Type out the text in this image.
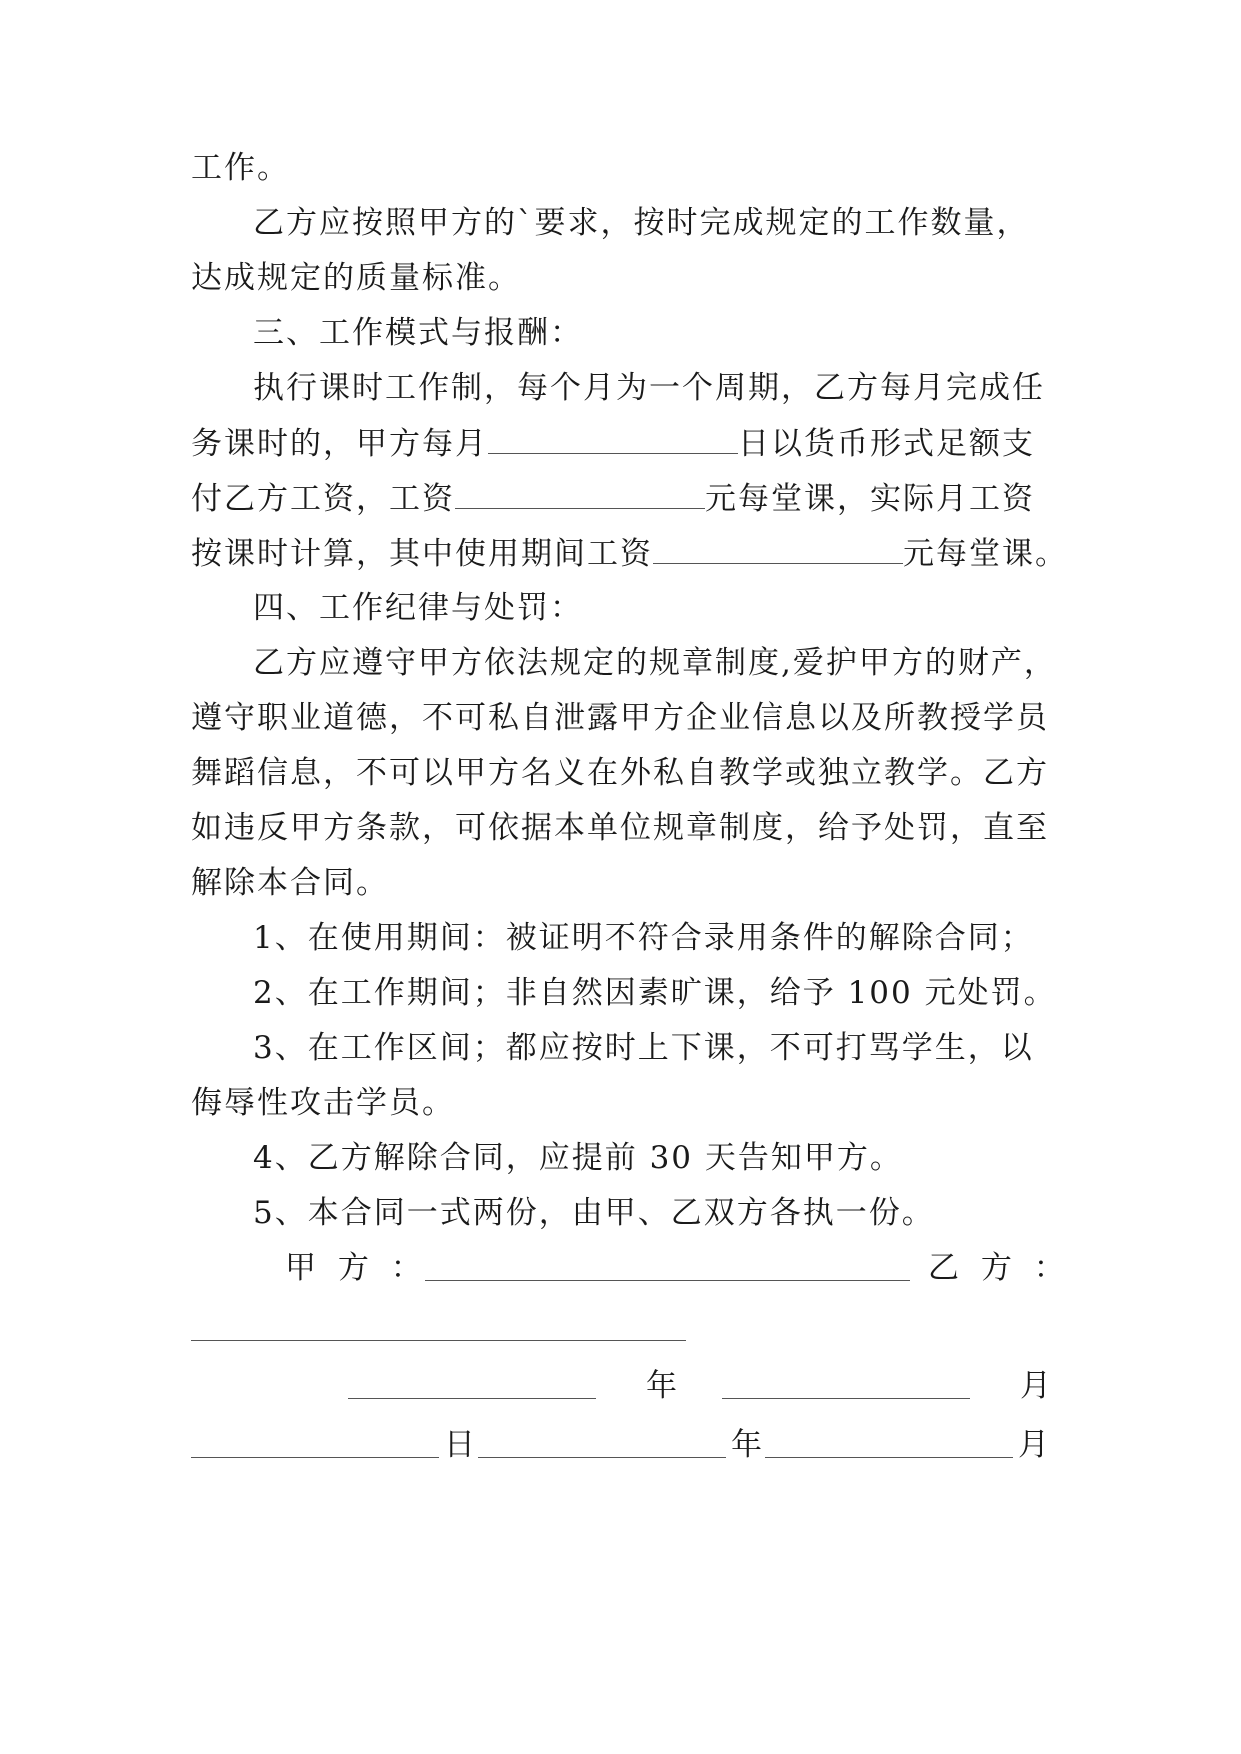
工作。
乙方应按照甲方的`要求，按时完成规定的工作数量，
达成规定的质量标准。
三、工作模式与报酬：
执行课时工作制，每个月为一个周期，乙方每月完成任
务课时的，甲方每月	日以货币形式足额支
付乙方工资，工资	元每堂课，实际月工资
按课时计算，其中使用期间工资	元每堂课。
四、工作纪律与处罚：
乙方应遵守甲方依法规定的规章制度,爱护甲方的财产，
遵守职业道德，不可私自泄露甲方企业信息以及所教授学员
舞蹈信息，不可以甲方名义在外私自教学或独立教学。乙方
如违反甲方条款，可依据本单位规章制度，给予处罚，直至
解除本合同。
1、在使用期间：被证明不符合录用条件的解除合同；
2、在工作期间；非自然因素旷课，给予 100 元处罚。
3、在工作区间；都应按时上下课，不可打骂学生，以
侮辱性攻击学员。
4、乙方解除合同，应提前 30 天告知甲方。
5、本合同一式两份，由甲、乙双方各执一份。
甲 方 ：	乙 方 ：
年	月
日	年	月
